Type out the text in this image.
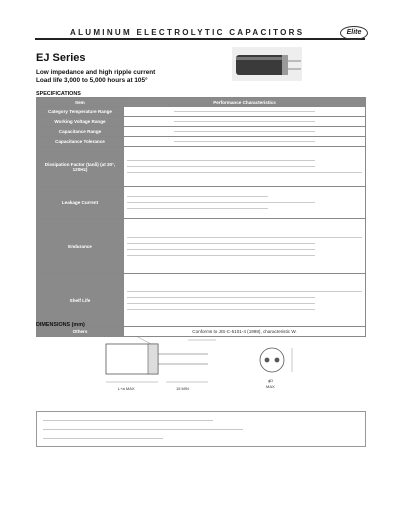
ALUMINUM ELECTROLYTIC CAPACITORS	Elite
EJ Series
Low impedance and high ripple current
Load life 3,000 to 5,000 hours at 105°
SPECIFICATIONS
Item	Performance Characteristics
Category Temperature Range	

Working Voltage Range	

Capacitance Range	

Capacitance Tolerance	

Dissipation Factor (tanδ) (at 20°, 120Hz)	

Leakage Current	

Endurance	

Shelf Life	

Others	Conforms to JIS-C-5101-4 (1998), characteristic W.
DIMENSIONS (mm)
L+a MAX	15 MIN
ϕD
MAX
